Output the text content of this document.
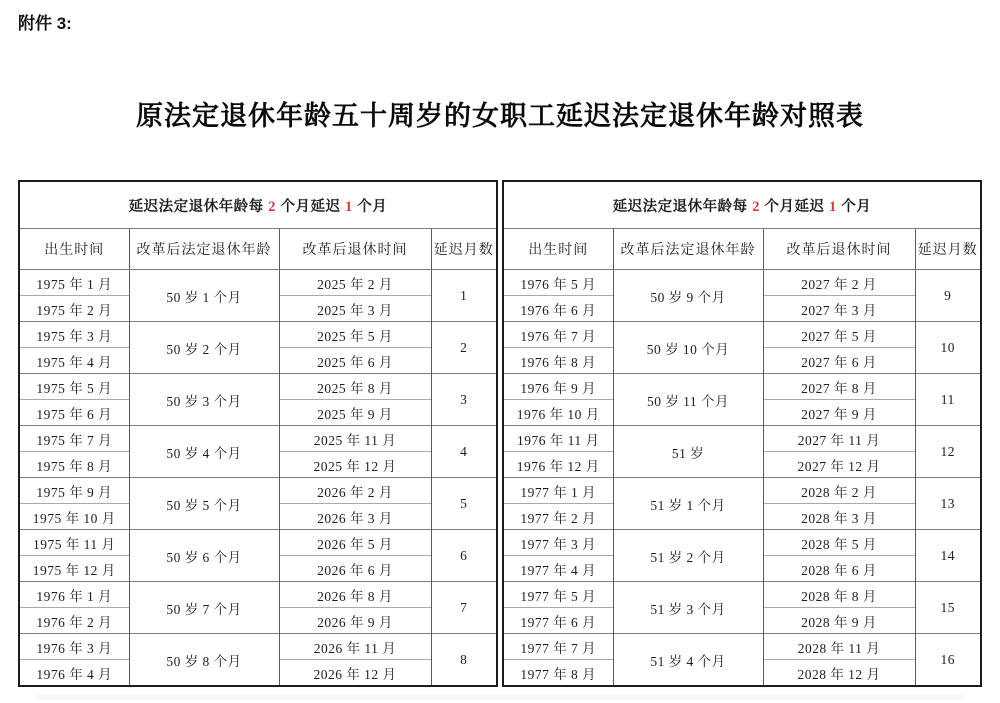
附件 3:
原法定退休年龄五十周岁的女职工延迟法定退休年龄对照表
延迟法定退休年龄每 2 个月延迟 1 个月			
出生时间	改革后法定退休年龄	改革后退休时间	延迟月数
1975 年 1 月	50 岁 1 个月	2025 年 2 月	1
1975 年 2 月		2025 年 3 月	
1975 年 3 月	50 岁 2 个月	2025 年 5 月	2
1975 年 4 月		2025 年 6 月	
1975 年 5 月	50 岁 3 个月	2025 年 8 月	3
1975 年 6 月		2025 年 9 月	
1975 年 7 月	50 岁 4 个月	2025 年 11 月	4
1975 年 8 月		2025 年 12 月	
1975 年 9 月	50 岁 5 个月	2026 年 2 月	5
1975 年 10 月		2026 年 3 月	
1975 年 11 月	50 岁 6 个月	2026 年 5 月	6
1975 年 12 月		2026 年 6 月	
1976 年 1 月	50 岁 7 个月	2026 年 8 月	7
1976 年 2 月		2026 年 9 月	
1976 年 3 月	50 岁 8 个月	2026 年 11 月	8
1976 年 4 月		2026 年 12 月	
延迟法定退休年龄每 2 个月延迟 1 个月			
出生时间	改革后法定退休年龄	改革后退休时间	延迟月数
1976 年 5 月	50 岁 9 个月	2027 年 2 月	9
1976 年 6 月		2027 年 3 月	
1976 年 7 月	50 岁 10 个月	2027 年 5 月	10
1976 年 8 月		2027 年 6 月	
1976 年 9 月	50 岁 11 个月	2027 年 8 月	11
1976 年 10 月		2027 年 9 月	
1976 年 11 月	51 岁	2027 年 11 月	12
1976 年 12 月		2027 年 12 月	
1977 年 1 月	51 岁 1 个月	2028 年 2 月	13
1977 年 2 月		2028 年 3 月	
1977 年 3 月	51 岁 2 个月	2028 年 5 月	14
1977 年 4 月		2028 年 6 月	
1977 年 5 月	51 岁 3 个月	2028 年 8 月	15
1977 年 6 月		2028 年 9 月	
1977 年 7 月	51 岁 4 个月	2028 年 11 月	16
1977 年 8 月		2028 年 12 月	
